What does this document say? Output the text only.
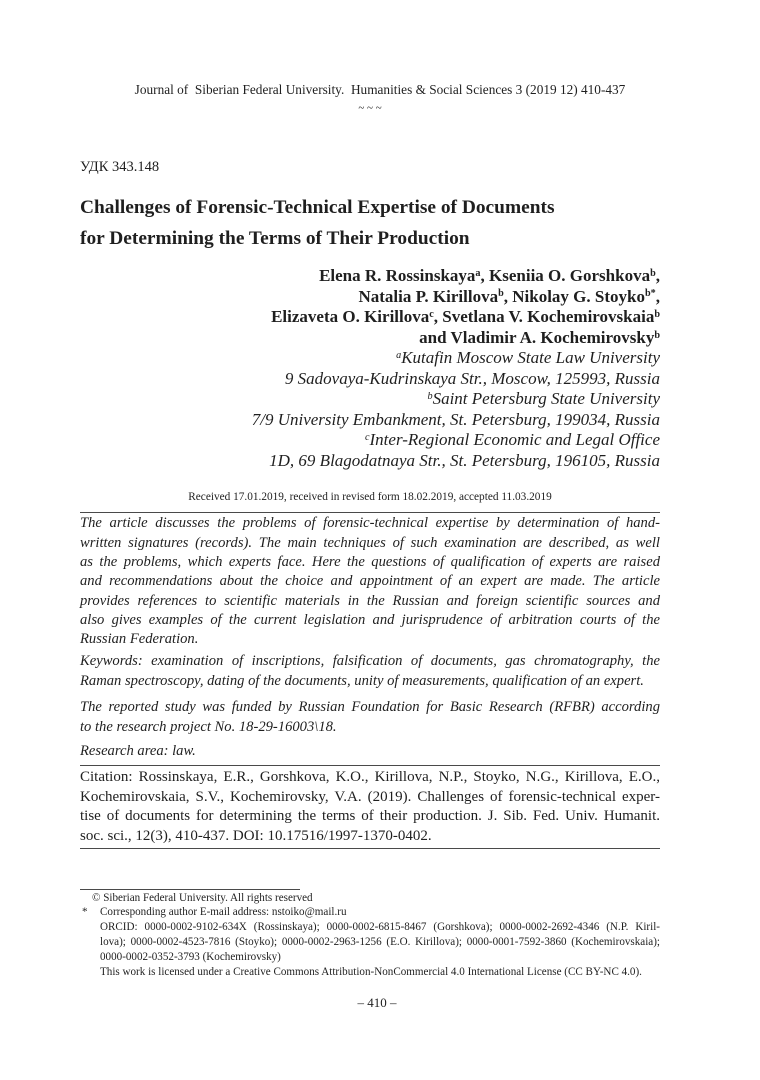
Journal of  Siberian Federal University.  Humanities & Social Sciences 3 (2019 12) 410-437
~ ~ ~
УДК 343.148
Challenges of Forensic-Technical Expertise of Documents
for Determining the Terms of Their Production
Elena R. Rossinskaya$^a$, Kseniia O. Gorshkova$^b$,
Natalia P. Kirillova$^b$, Nikolay G. Stoyko$^{b*}$,
Elizaveta O. Kirillova$^c$, Svetlana V. Kochemirovskaia$^b$
and Vladimir A. Kochemirovsky$^b$
$^a$Kutafin Moscow State Law University
9 Sadovaya-Kudrinskaya Str., Moscow, 125993, Russia
$^b$Saint Petersburg State University
7/9 University Embankment, St. Petersburg, 199034, Russia
$^c$Inter-Regional Economic and Legal Office
1D, 69 Blagodatnaya Str., St. Petersburg, 196105, Russia
Received 17.01.2019, received in revised form 18.02.2019, accepted 11.03.2019
The article discusses the problems of forensic-technical expertise by determination of hand-
written signatures (records). The main techniques of such examination are described, as well
as the problems, which experts face. Here the questions of qualification of experts are raised
and recommendations about the choice and appointment of an expert are made. The article
provides references to scientific materials in the Russian and foreign scientific sources and
also gives examples of the current legislation and jurisprudence of arbitration courts of the
Russian Federation.
Keywords: examination of inscriptions, falsification of documents, gas chromatography, the
Raman spectroscopy, dating of the documents, unity of measurements, qualification of an expert.
The reported study was funded by Russian Foundation for Basic Research (RFBR) according
to the research project No. 18-29-16003\18.
Research area: law.
Citation: Rossinskaya, E.R., Gorshkova, K.O., Kirillova, N.P., Stoyko, N.G., Kirillova, E.O.,
Kochemirovskaia, S.V., Kochemirovsky, V.A. (2019). Challenges of forensic-technical exper-
tise of documents for determining the terms of their production. J. Sib. Fed. Univ. Humanit.
soc. sci., 12(3), 410-437. DOI: 10.17516/1997-1370-0402.
© Siberian Federal University. All rights reserved
* Corresponding author E-mail address: nstoiko@mail.ru
ORCID: 0000-0002-9102-634X (Rossinskaya); 0000-0002-6815-8467 (Gorshkova); 0000-0002-2692-4346 (N.P. Kiril-
lova); 0000-0002-4523-7816 (Stoyko); 0000-0002-2963-1256 (E.O. Kirillova); 0000-0001-7592-3860 (Kochemirovskaia);
0000-0002-0352-3793 (Kochemirovsky)
This work is licensed under a Creative Commons Attribution-NonCommercial 4.0 International License (CC BY-NC 4.0).
– 410 –
